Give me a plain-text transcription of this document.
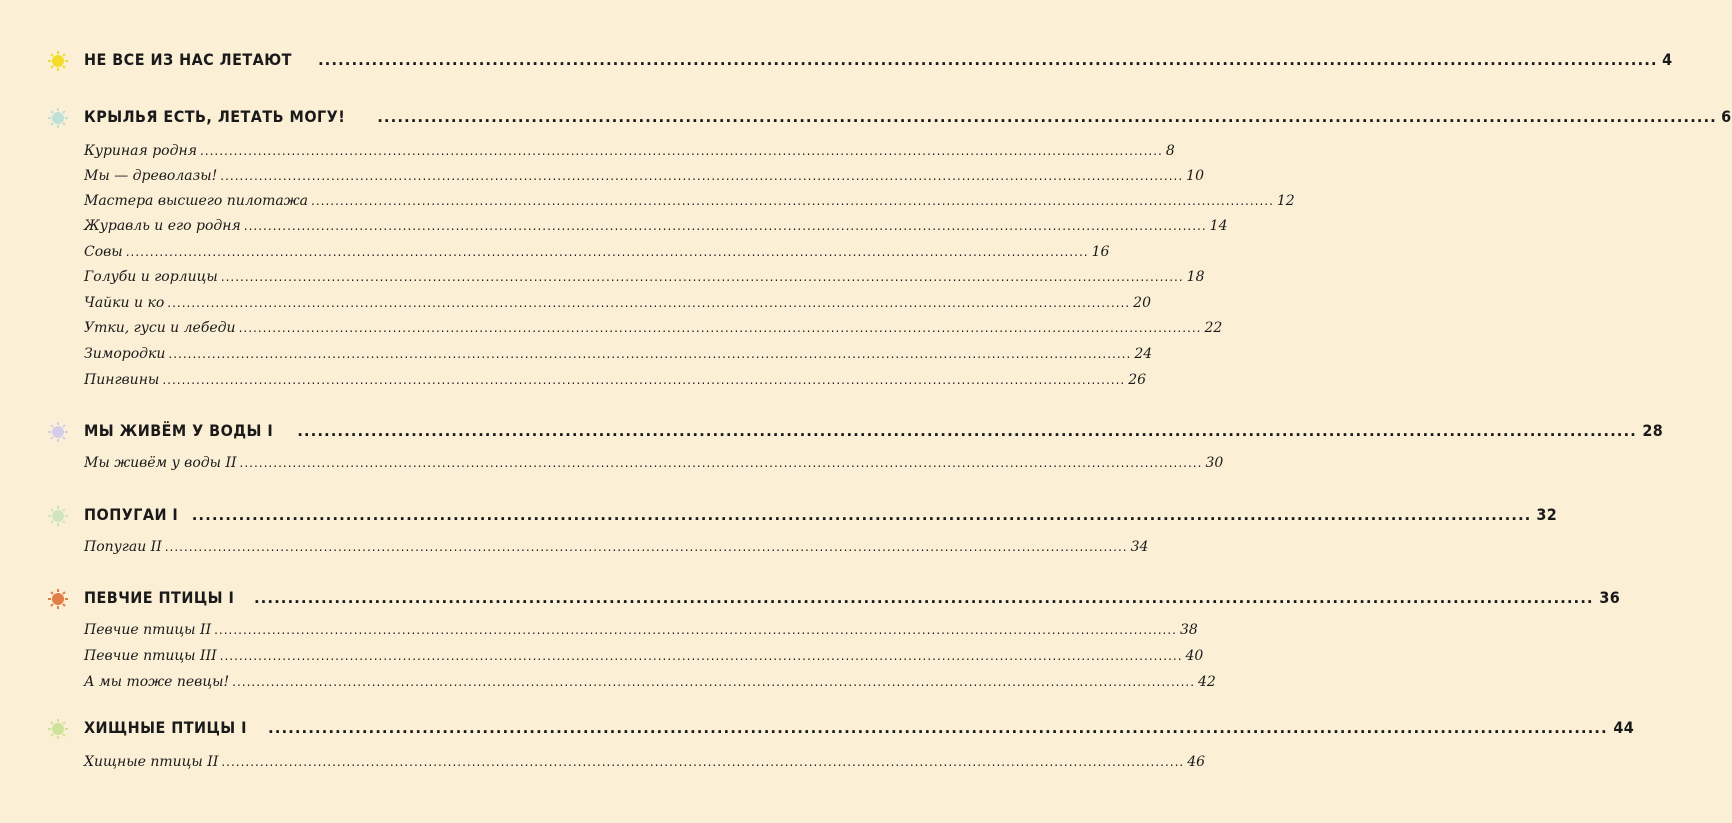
НЕ ВСЕ ИЗ НАС ЛЕТАЮТ ........................................................................................................................................................................................................ 4
КРЫЛЬЯ ЕСТЬ, ЛЕТАТЬ МОГУ! ........................................................................................................................................................................................................ 6
Куриная родня ........................................................................................................................................................................................................ 8
Мы — древолазы! ........................................................................................................................................................................................................ 10
Мастера высшего пилотажа ........................................................................................................................................................................................................ 12
Журавль и его родня ........................................................................................................................................................................................................ 14
Совы ........................................................................................................................................................................................................ 16
Голуби и горлицы ........................................................................................................................................................................................................ 18
Чайки и ко ........................................................................................................................................................................................................ 20
Утки, гуси и лебеди ........................................................................................................................................................................................................ 22
Зимородки ........................................................................................................................................................................................................ 24
Пингвины ........................................................................................................................................................................................................ 26
МЫ ЖИВЁМ У ВОДЫ I ........................................................................................................................................................................................................ 28
Мы живём у воды II ........................................................................................................................................................................................................ 30
ПОПУГАИ I ........................................................................................................................................................................................................ 32
Попугаи II ........................................................................................................................................................................................................ 34
ПЕВЧИЕ ПТИЦЫ I ........................................................................................................................................................................................................ 36
Певчие птицы II ........................................................................................................................................................................................................ 38
Певчие птицы III ........................................................................................................................................................................................................ 40
А мы тоже певцы! ........................................................................................................................................................................................................ 42
ХИЩНЫЕ ПТИЦЫ I ........................................................................................................................................................................................................ 44
Хищные птицы II ........................................................................................................................................................................................................ 46
